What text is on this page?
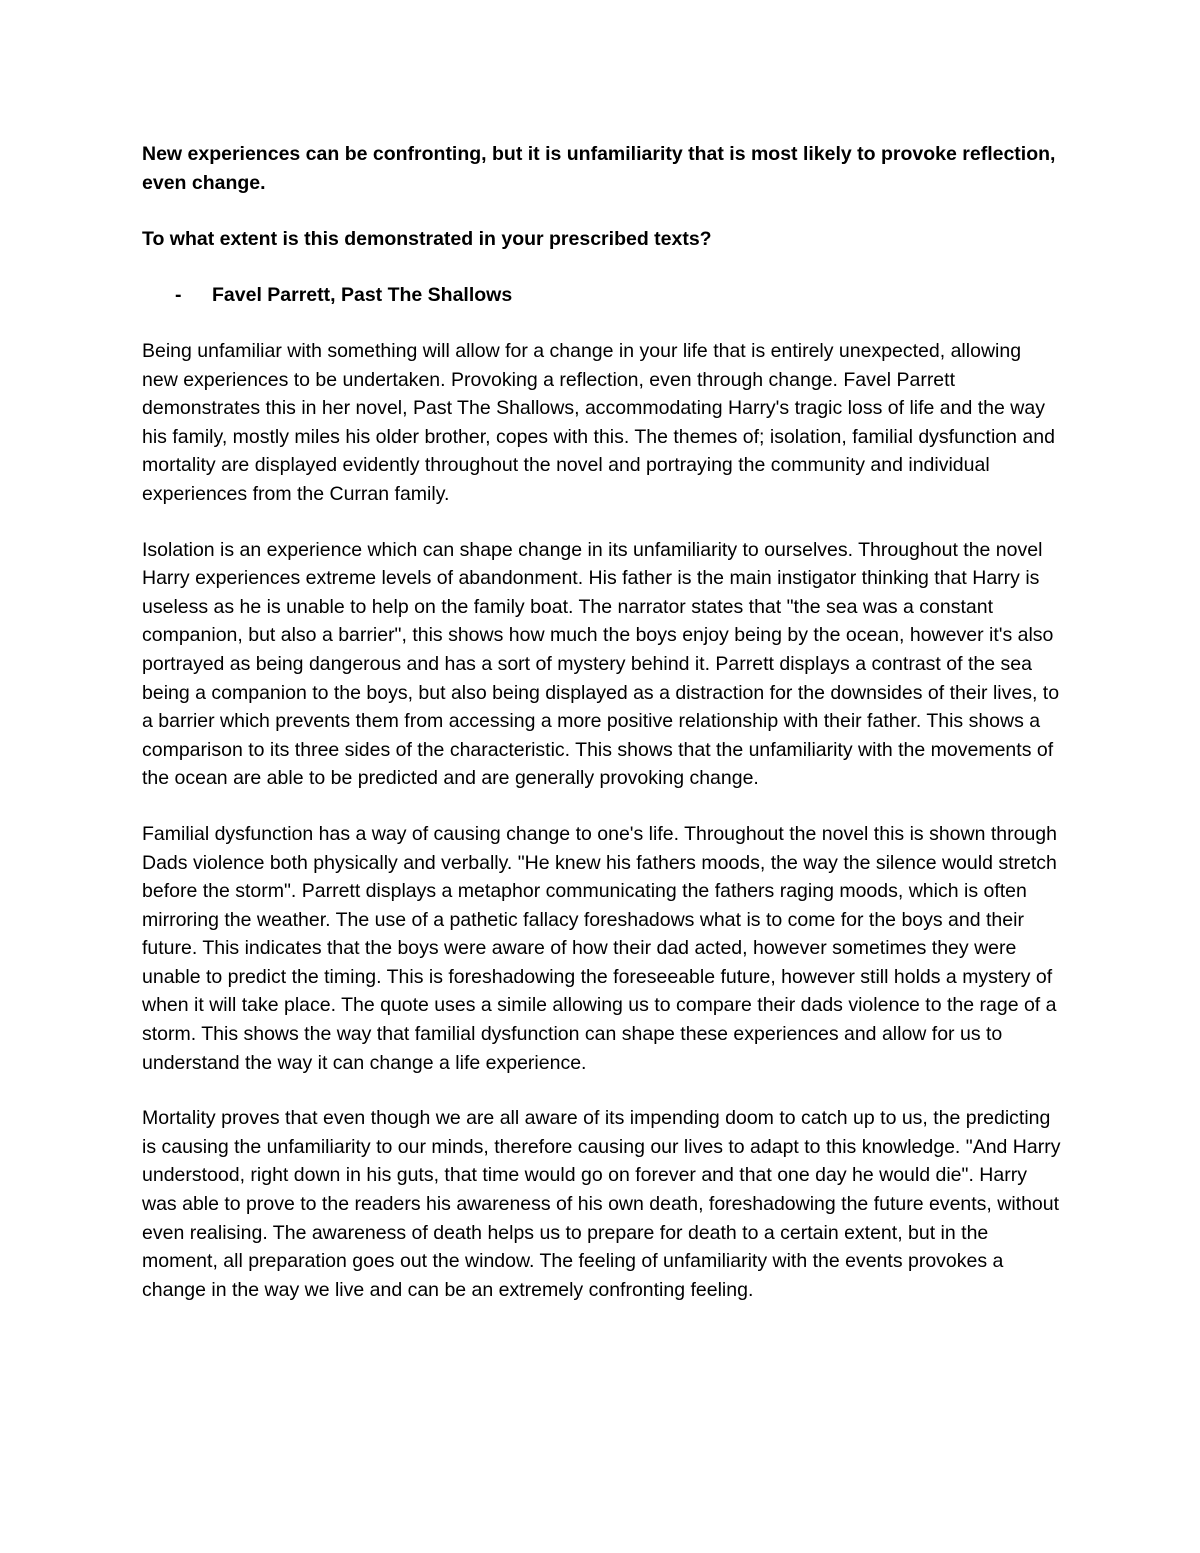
New experiences can be confronting, but it is unfamiliarity that is most likely to provoke reflection, even change.

To what extent is this demonstrated in your prescribed texts?

-	Favel Parrett, Past The Shallows

Being unfamiliar with something will allow for a change in your life that is entirely unexpected, allowing new experiences to be undertaken. Provoking a reflection, even through change. Favel Parrett demonstrates this in her novel, Past The Shallows, accommodating Harry's tragic loss of life and the way his family, mostly miles his older brother, copes with this. The themes of; isolation, familial dysfunction and mortality are displayed evidently throughout the novel and portraying the community and individual experiences from the Curran family.

Isolation is an experience which can shape change in its unfamiliarity to ourselves. Throughout the novel Harry experiences extreme levels of abandonment. His father is the main instigator thinking that Harry is useless as he is unable to help on the family boat. The narrator states that "the sea was a constant companion, but also a barrier", this shows how much the boys enjoy being by the ocean, however it's also portrayed as being dangerous and has a sort of mystery behind it. Parrett displays a contrast of the sea being a companion to the boys, but also being displayed as a distraction for the downsides of their lives, to a barrier which prevents them from accessing a more positive relationship with their father. This shows a comparison to its three sides of the characteristic. This shows that the unfamiliarity with the movements of the ocean are able to be predicted and are generally provoking change.

Familial dysfunction has a way of causing change to one's life. Throughout the novel this is shown through Dads violence both physically and verbally. "He knew his fathers moods, the way the silence would stretch before the storm". Parrett displays a metaphor communicating the fathers raging moods, which is often mirroring the weather. The use of a pathetic fallacy foreshadows what is to come for the boys and their future. This indicates that the boys were aware of how their dad acted, however sometimes they were unable to predict the timing. This is foreshadowing the foreseeable future, however still holds a mystery of when it will take place. The quote uses a simile allowing us to compare their dads violence to the rage of a storm. This shows the way that familial dysfunction can shape these experiences and allow for us to understand the way it can change a life experience.

Mortality proves that even though we are all aware of its impending doom to catch up to us, the predicting is causing the unfamiliarity to our minds, therefore causing our lives to adapt to this knowledge. "And Harry understood, right down in his guts, that time would go on forever and that one day he would die". Harry was able to prove to the readers his awareness of his own death, foreshadowing the future events, without even realising. The awareness of death helps us to prepare for death to a certain extent, but in the moment, all preparation goes out the window. The feeling of unfamiliarity with the events provokes a change in the way we live and can be an extremely confronting feeling.
